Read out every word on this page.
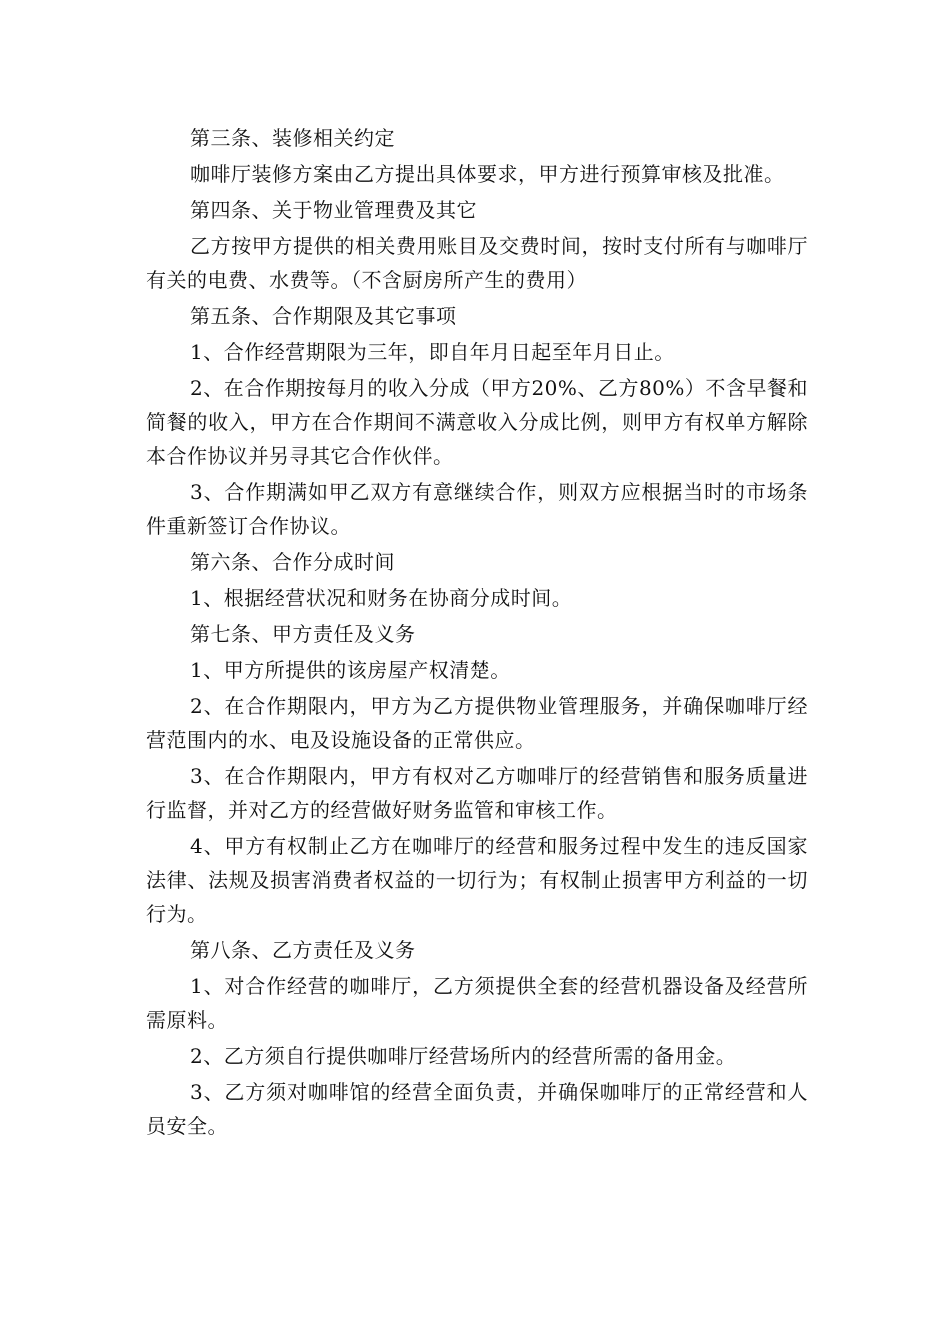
第三条、装修相关约定

咖啡厅装修方案由乙方提出具体要求，甲方进行预算审核及批准。

第四条、关于物业管理费及其它

乙方按甲方提供的相关费用账目及交费时间，按时支付所有与咖啡厅有关的电费、水费等。（不含厨房所产生的费用）

第五条、合作期限及其它事项

1、合作经营期限为三年，即自年月日起至年月日止。

2、在合作期按每月的收入分成（甲方20%、乙方80%）不含早餐和简餐的收入，甲方在合作期间不满意收入分成比例，则甲方有权单方解除本合作协议并另寻其它合作伙伴。

3、合作期满如甲乙双方有意继续合作，则双方应根据当时的市场条件重新签订合作协议。

第六条、合作分成时间

1、根据经营状况和财务在协商分成时间。

第七条、甲方责任及义务

1、甲方所提供的该房屋产权清楚。

2、在合作期限内，甲方为乙方提供物业管理服务，并确保咖啡厅经营范围内的水、电及设施设备的正常供应。

3、在合作期限内，甲方有权对乙方咖啡厅的经营销售和服务质量进行监督，并对乙方的经营做好财务监管和审核工作。

4、甲方有权制止乙方在咖啡厅的经营和服务过程中发生的违反国家法律、法规及损害消费者权益的一切行为；有权制止损害甲方利益的一切行为。

第八条、乙方责任及义务

1、对合作经营的咖啡厅，乙方须提供全套的经营机器设备及经营所需原料。

2、乙方须自行提供咖啡厅经营场所内的经营所需的备用金。

3、乙方须对咖啡馆的经营全面负责，并确保咖啡厅的正常经营和人员安全。
